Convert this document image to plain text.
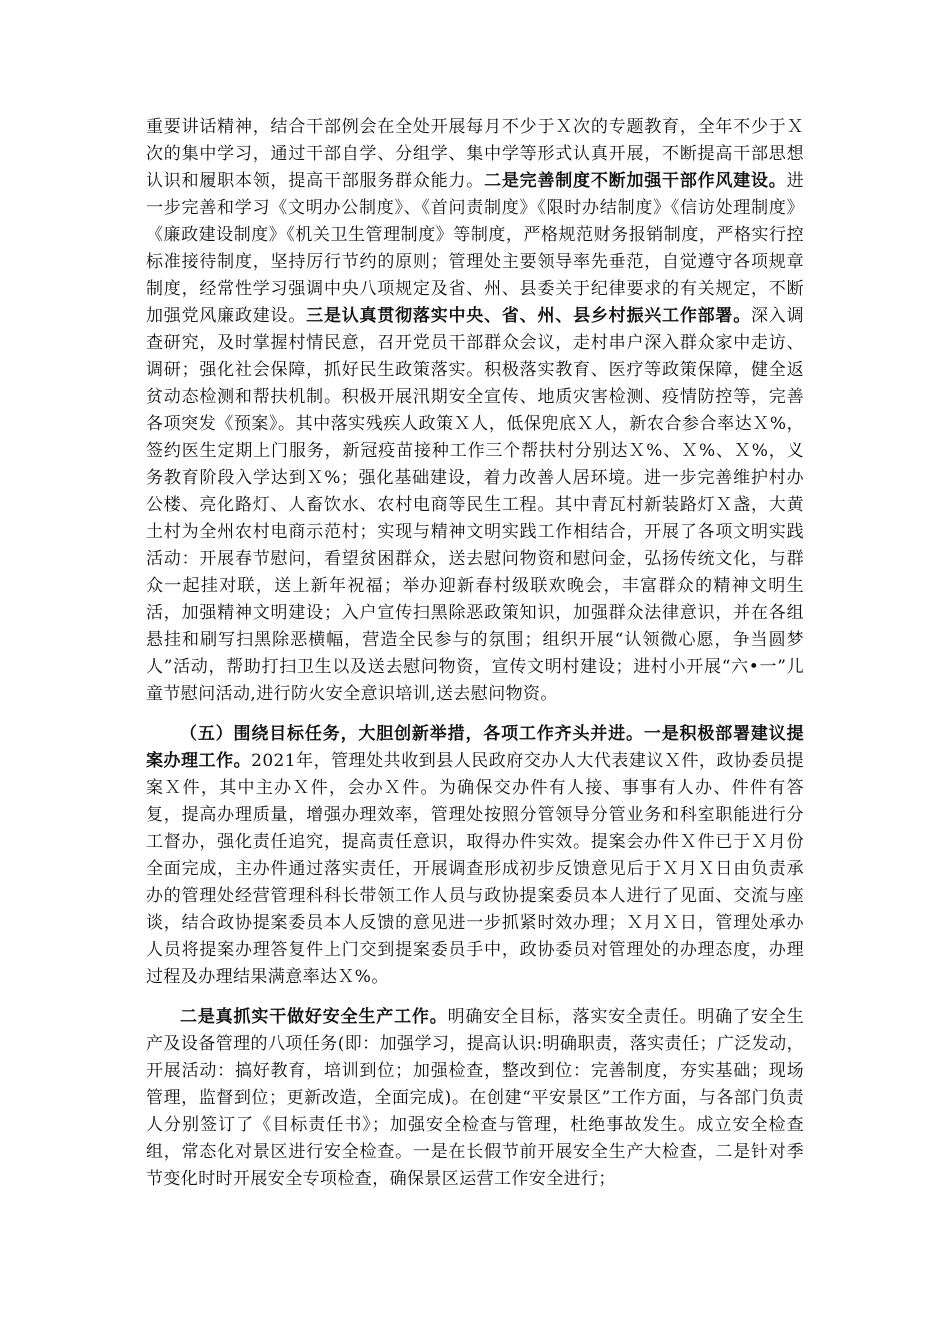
重要讲话精神，结合干部例会在全处开展每月不少于Ｘ次的专题教育，全年不少于Ｘ次的集中学习，通过干部自学、分组学、集中学等形式认真开展，不断提高干部思想认识和履职本领，提高干部服务群众能力。二是完善制度不断加强干部作风建设。进一步完善和学习《文明办公制度》、《首问责制度》《限时办结制度》《信访处理制度》《廉政建设制度》《机关卫生管理制度》等制度，严格规范财务报销制度，严格实行控标准接待制度，坚持厉行节约的原则；管理处主要领导率先垂范，自觉遵守各项规章制度，经常性学习强调中央八项规定及省、州、县委关于纪律要求的有关规定，不断加强党风廉政建设。三是认真贯彻落实中央、省、州、县乡村振兴工作部署。深入调查研究，及时掌握村情民意，召开党员干部群众会议，走村串户深入群众家中走访、调研；强化社会保障，抓好民生政策落实。积极落实教育、医疗等政策保障，健全返贫动态检测和帮扶机制。积极开展汛期安全宣传、地质灾害检测、疫情防控等，完善各项突发《预案》。其中落实残疾人政策Ｘ人，低保兜底Ｘ人，新农合参合率达Ｘ%，签约医生定期上门服务，新冠疫苗接种工作三个帮扶村分别达Ｘ%、Ｘ%、Ｘ%，义务教育阶段入学达到Ｘ%；强化基础建设，着力改善人居环境。进一步完善维护村办公楼、亮化路灯、人畜饮水、农村电商等民生工程。其中青瓦村新装路灯Ｘ盏，大黄土村为全州农村电商示范村；实现与精神文明实践工作相结合，开展了各项文明实践活动：开展春节慰问，看望贫困群众，送去慰问物资和慰问金，弘扬传统文化，与群众一起挂对联，送上新年祝福；举办迎新春村级联欢晚会，丰富群众的精神文明生活，加强精神文明建设；入户宣传扫黑除恶政策知识，加强群众法律意识，并在各组悬挂和刷写扫黑除恶横幅，营造全民参与的氛围；组织开展“认领微心愿，争当圆梦人”活动，帮助打扫卫生以及送去慰问物资，宣传文明村建设；进村小开展“六•一”儿童节慰问活动,进行防火安全意识培训,送去慰问物资。

（五）围绕目标任务，大胆创新举措，各项工作齐头并进。一是积极部署建议提案办理工作。2021年，管理处共收到县人民政府交办人大代表建议Ｘ件，政协委员提案Ｘ件，其中主办Ｘ件，会办Ｘ件。为确保交办件有人接、事事有人办、件件有答复，提高办理质量，增强办理效率，管理处按照分管领导分管业务和科室职能进行分工督办，强化责任追究，提高责任意识，取得办件实效。提案会办件Ｘ件已于Ｘ月份全面完成，主办件通过落实责任，开展调查形成初步反馈意见后于Ｘ月Ｘ日由负责承办的管理处经营管理科科长带领工作人员与政协提案委员本人进行了见面、交流与座谈，结合政协提案委员本人反馈的意见进一步抓紧时效办理；Ｘ月Ｘ日，管理处承办人员将提案办理答复件上门交到提案委员手中，政协委员对管理处的办理态度，办理过程及办理结果满意率达Ｘ%。

二是真抓实干做好安全生产工作。明确安全目标，落实安全责任。明确了安全生产及设备管理的八项任务(即：加强学习，提高认识:明确职责，落实责任；广泛发动，开展活动：搞好教育，培训到位；加强检查，整改到位：完善制度，夯实基础；现场管理，监督到位；更新改造，全面完成)。在创建“平安景区”工作方面，与各部门负责人分别签订了《目标责任书》；加强安全检查与管理，杜绝事故发生。成立安全检查组，常态化对景区进行安全检查。一是在长假节前开展安全生产大检查，二是针对季节变化时时开展安全专项检查，确保景区运营工作安全进行；
